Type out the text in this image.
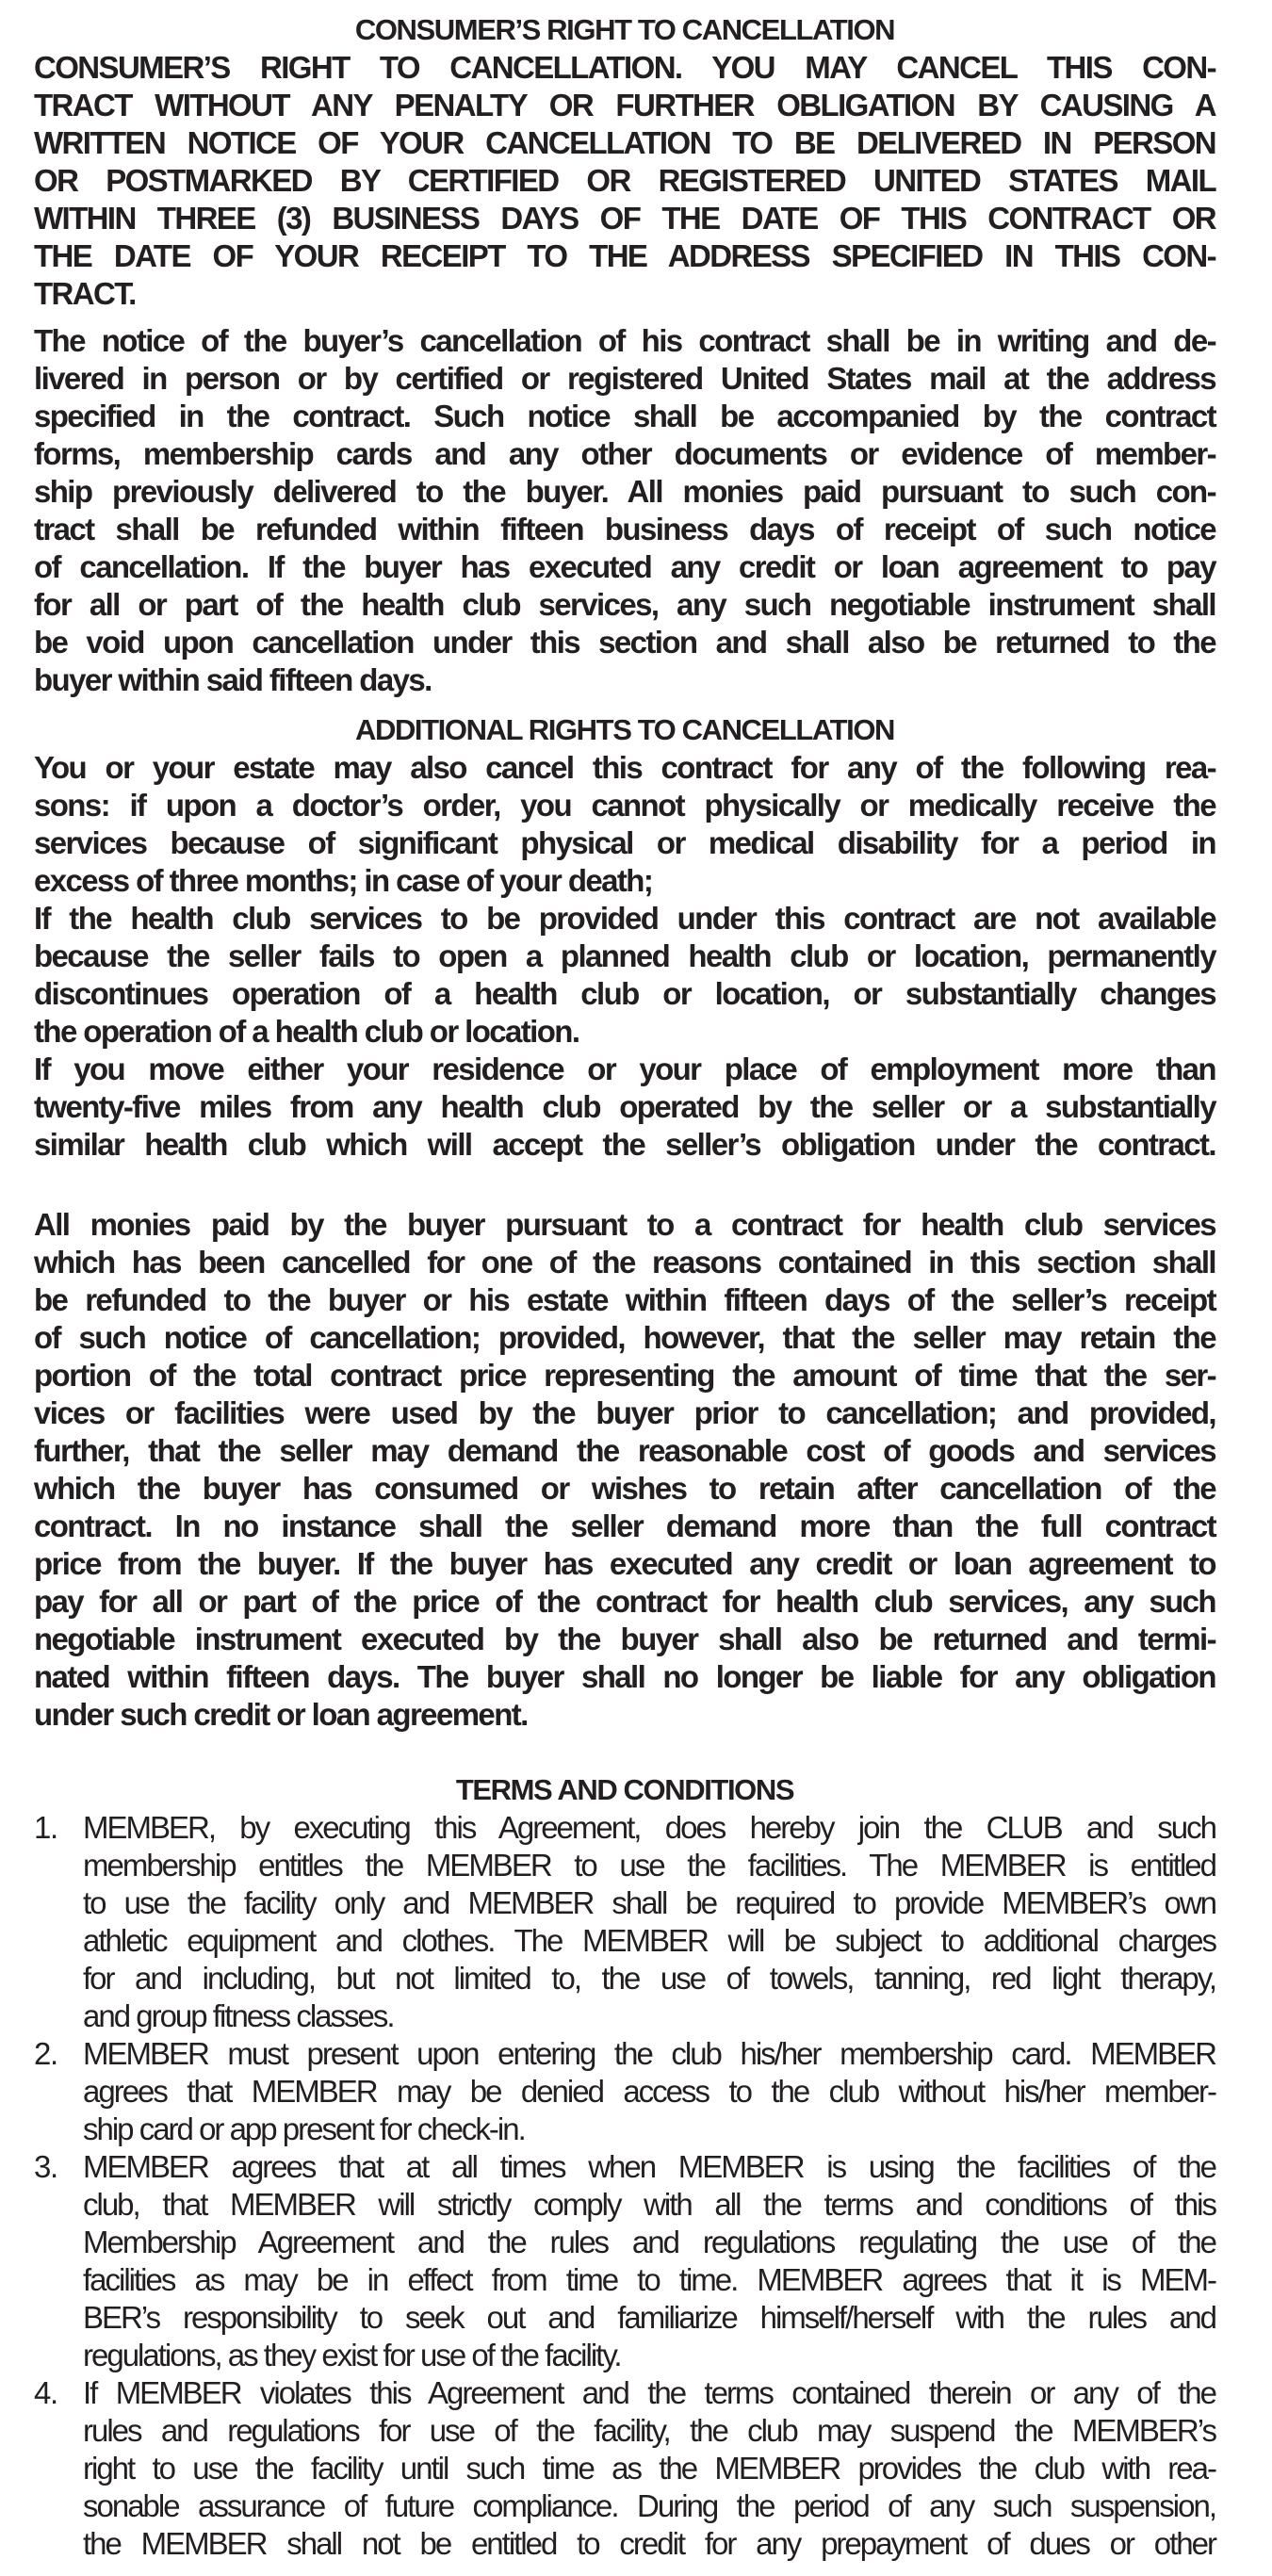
CONSUMER’S RIGHT TO CANCELLATION
CONSUMER’S RIGHT TO CANCELLATION. YOU MAY CANCEL THIS CON-
TRACT WITHOUT ANY PENALTY OR FURTHER OBLIGATION BY CAUSING A
WRITTEN NOTICE OF YOUR CANCELLATION TO BE DELIVERED IN PERSON
OR POSTMARKED BY CERTIFIED OR REGISTERED UNITED STATES MAIL
WITHIN THREE (3) BUSINESS DAYS OF THE DATE OF THIS CONTRACT OR
THE DATE OF YOUR RECEIPT TO THE ADDRESS SPECIFIED IN THIS CON-
TRACT.
The notice of the buyer’s cancellation of his contract shall be in writing and de-
livered in person or by certified or registered United States mail at the address
specified in the contract. Such notice shall be accompanied by the contract
forms, membership cards and any other documents or evidence of member-
ship previously delivered to the buyer. All monies paid pursuant to such con-
tract shall be refunded within fifteen business days of receipt of such notice
of cancellation. If the buyer has executed any credit or loan agreement to pay
for all or part of the health club services, any such negotiable instrument shall
be void upon cancellation under this section and shall also be returned to the
buyer within said fifteen days.
ADDITIONAL RIGHTS TO CANCELLATION
You or your estate may also cancel this contract for any of the following rea-
sons: if upon a doctor’s order, you cannot physically or medically receive the
services because of significant physical or medical disability for a period in
excess of three months; in case of your death;
If the health club services to be provided under this contract are not available
because the seller fails to open a planned health club or location, permanently
discontinues operation of a health club or location, or substantially changes
the operation of a health club or location.
If you move either your residence or your place of employment more than
twenty-five miles from any health club operated by the seller or a substantially
similar health club which will accept the seller’s obligation under the contract.
All monies paid by the buyer pursuant to a contract for health club services
which has been cancelled for one of the reasons contained in this section shall
be refunded to the buyer or his estate within fifteen days of the seller’s receipt
of such notice of cancellation; provided, however, that the seller may retain the
portion of the total contract price representing the amount of time that the ser-
vices or facilities were used by the buyer prior to cancellation; and provided,
further, that the seller may demand the reasonable cost of goods and services
which the buyer has consumed or wishes to retain after cancellation of the
contract. In no instance shall the seller demand more than the full contract
price from the buyer. If the buyer has executed any credit or loan agreement to
pay for all or part of the price of the contract for health club services, any such
negotiable instrument executed by the buyer shall also be returned and termi-
nated within fifteen days. The buyer shall no longer be liable for any obligation
under such credit or loan agreement.
TERMS AND CONDITIONS
1. MEMBER, by executing this Agreement, does hereby join the CLUB and such
membership entitles the MEMBER to use the facilities. The MEMBER is entitled
to use the facility only and MEMBER shall be required to provide MEMBER’s own
athletic equipment and clothes. The MEMBER will be subject to additional charges
for and including, but not limited to, the use of towels, tanning, red light therapy,
and group fitness classes.
2. MEMBER must present upon entering the club his/her membership card. MEMBER
agrees that MEMBER may be denied access to the club without his/her member-
ship card or app present for check-in.
3. MEMBER agrees that at all times when MEMBER is using the facilities of the
club, that MEMBER will strictly comply with all the terms and conditions of this
Membership Agreement and the rules and regulations regulating the use of the
facilities as may be in effect from time to time. MEMBER agrees that it is MEM-
BER’s responsibility to seek out and familiarize himself/herself with the rules and
regulations, as they exist for use of the facility.
4. If MEMBER violates this Agreement and the terms contained therein or any of the
rules and regulations for use of the facility, the club may suspend the MEMBER’s
right to use the facility until such time as the MEMBER provides the club with rea-
sonable assurance of future compliance. During the period of any such suspension,
the MEMBER shall not be entitled to credit for any prepayment of dues or other
